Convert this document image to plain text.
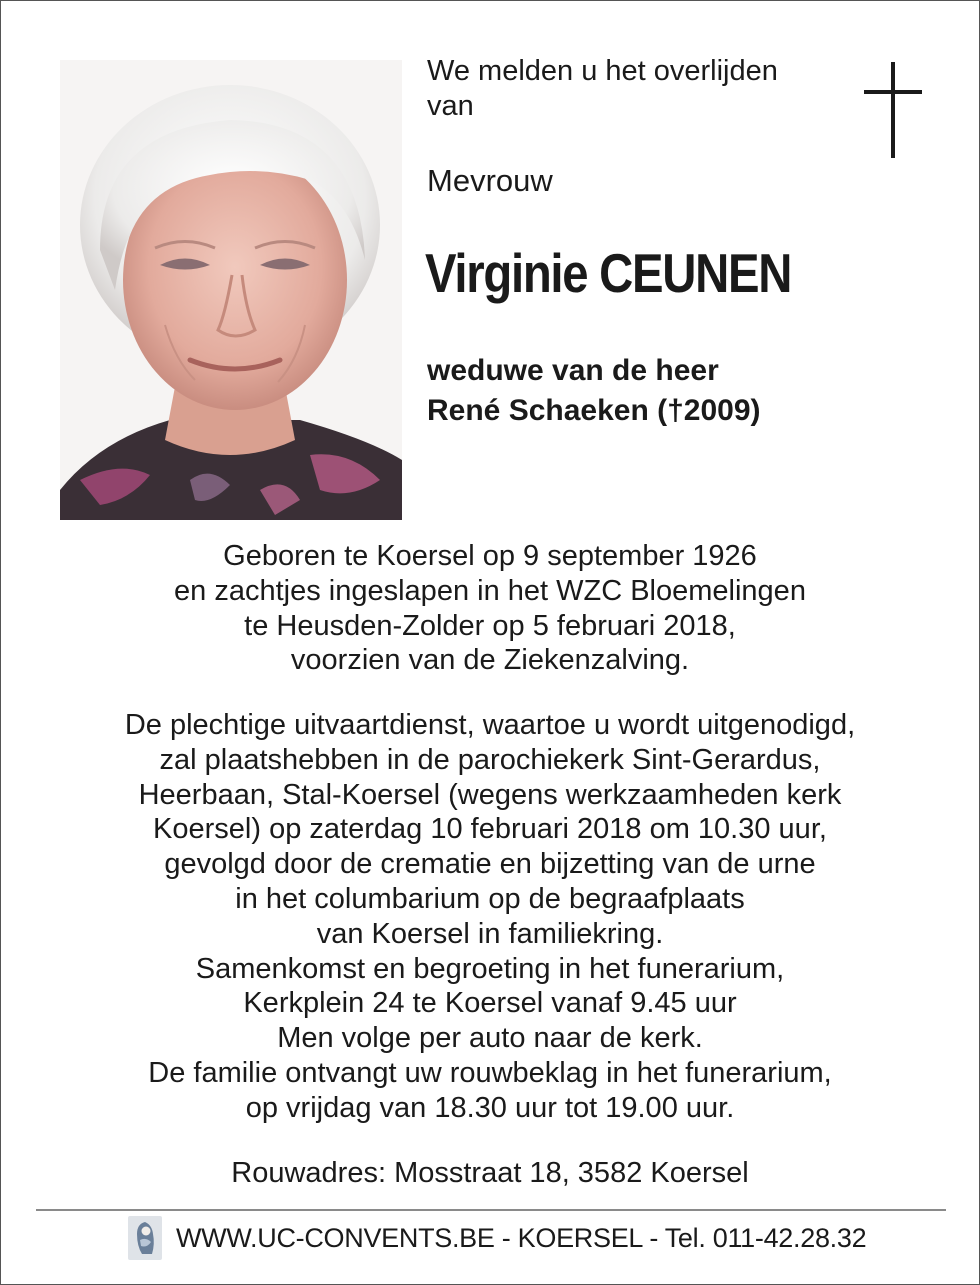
We melden u het overlijden
van

Mevrouw

Virginie CEUNEN
weduwe van de heer
René Schaeken (†2009)
Geboren te Koersel op 9 september 1926
en zachtjes ingeslapen in het WZC Bloemelingen
te Heusden-Zolder op 5 februari 2018,
voorzien van de Ziekenzalving.
De plechtige uitvaartdienst, waartoe u wordt uitgenodigd,
zal plaatshebben in de parochiekerk Sint-Gerardus,
Heerbaan, Stal-Koersel (wegens werkzaamheden kerk
Koersel) op zaterdag 10 februari 2018 om 10.30 uur,
gevolgd door de crematie en bijzetting van de urne
in het columbarium op de begraafplaats
van Koersel in familiekring.
Samenkomst en begroeting in het funerarium,
Kerkplein 24 te Koersel vanaf 9.45 uur
Men volge per auto naar de kerk.
De familie ontvangt uw rouwbeklag in het funerarium,
op vrijdag van 18.30 uur tot 19.00 uur.
Rouwadres: Mosstraat 18, 3582 Koersel
WWW.UC-CONVENTS.BE - KOERSEL - Tel. 011-42.28.32
